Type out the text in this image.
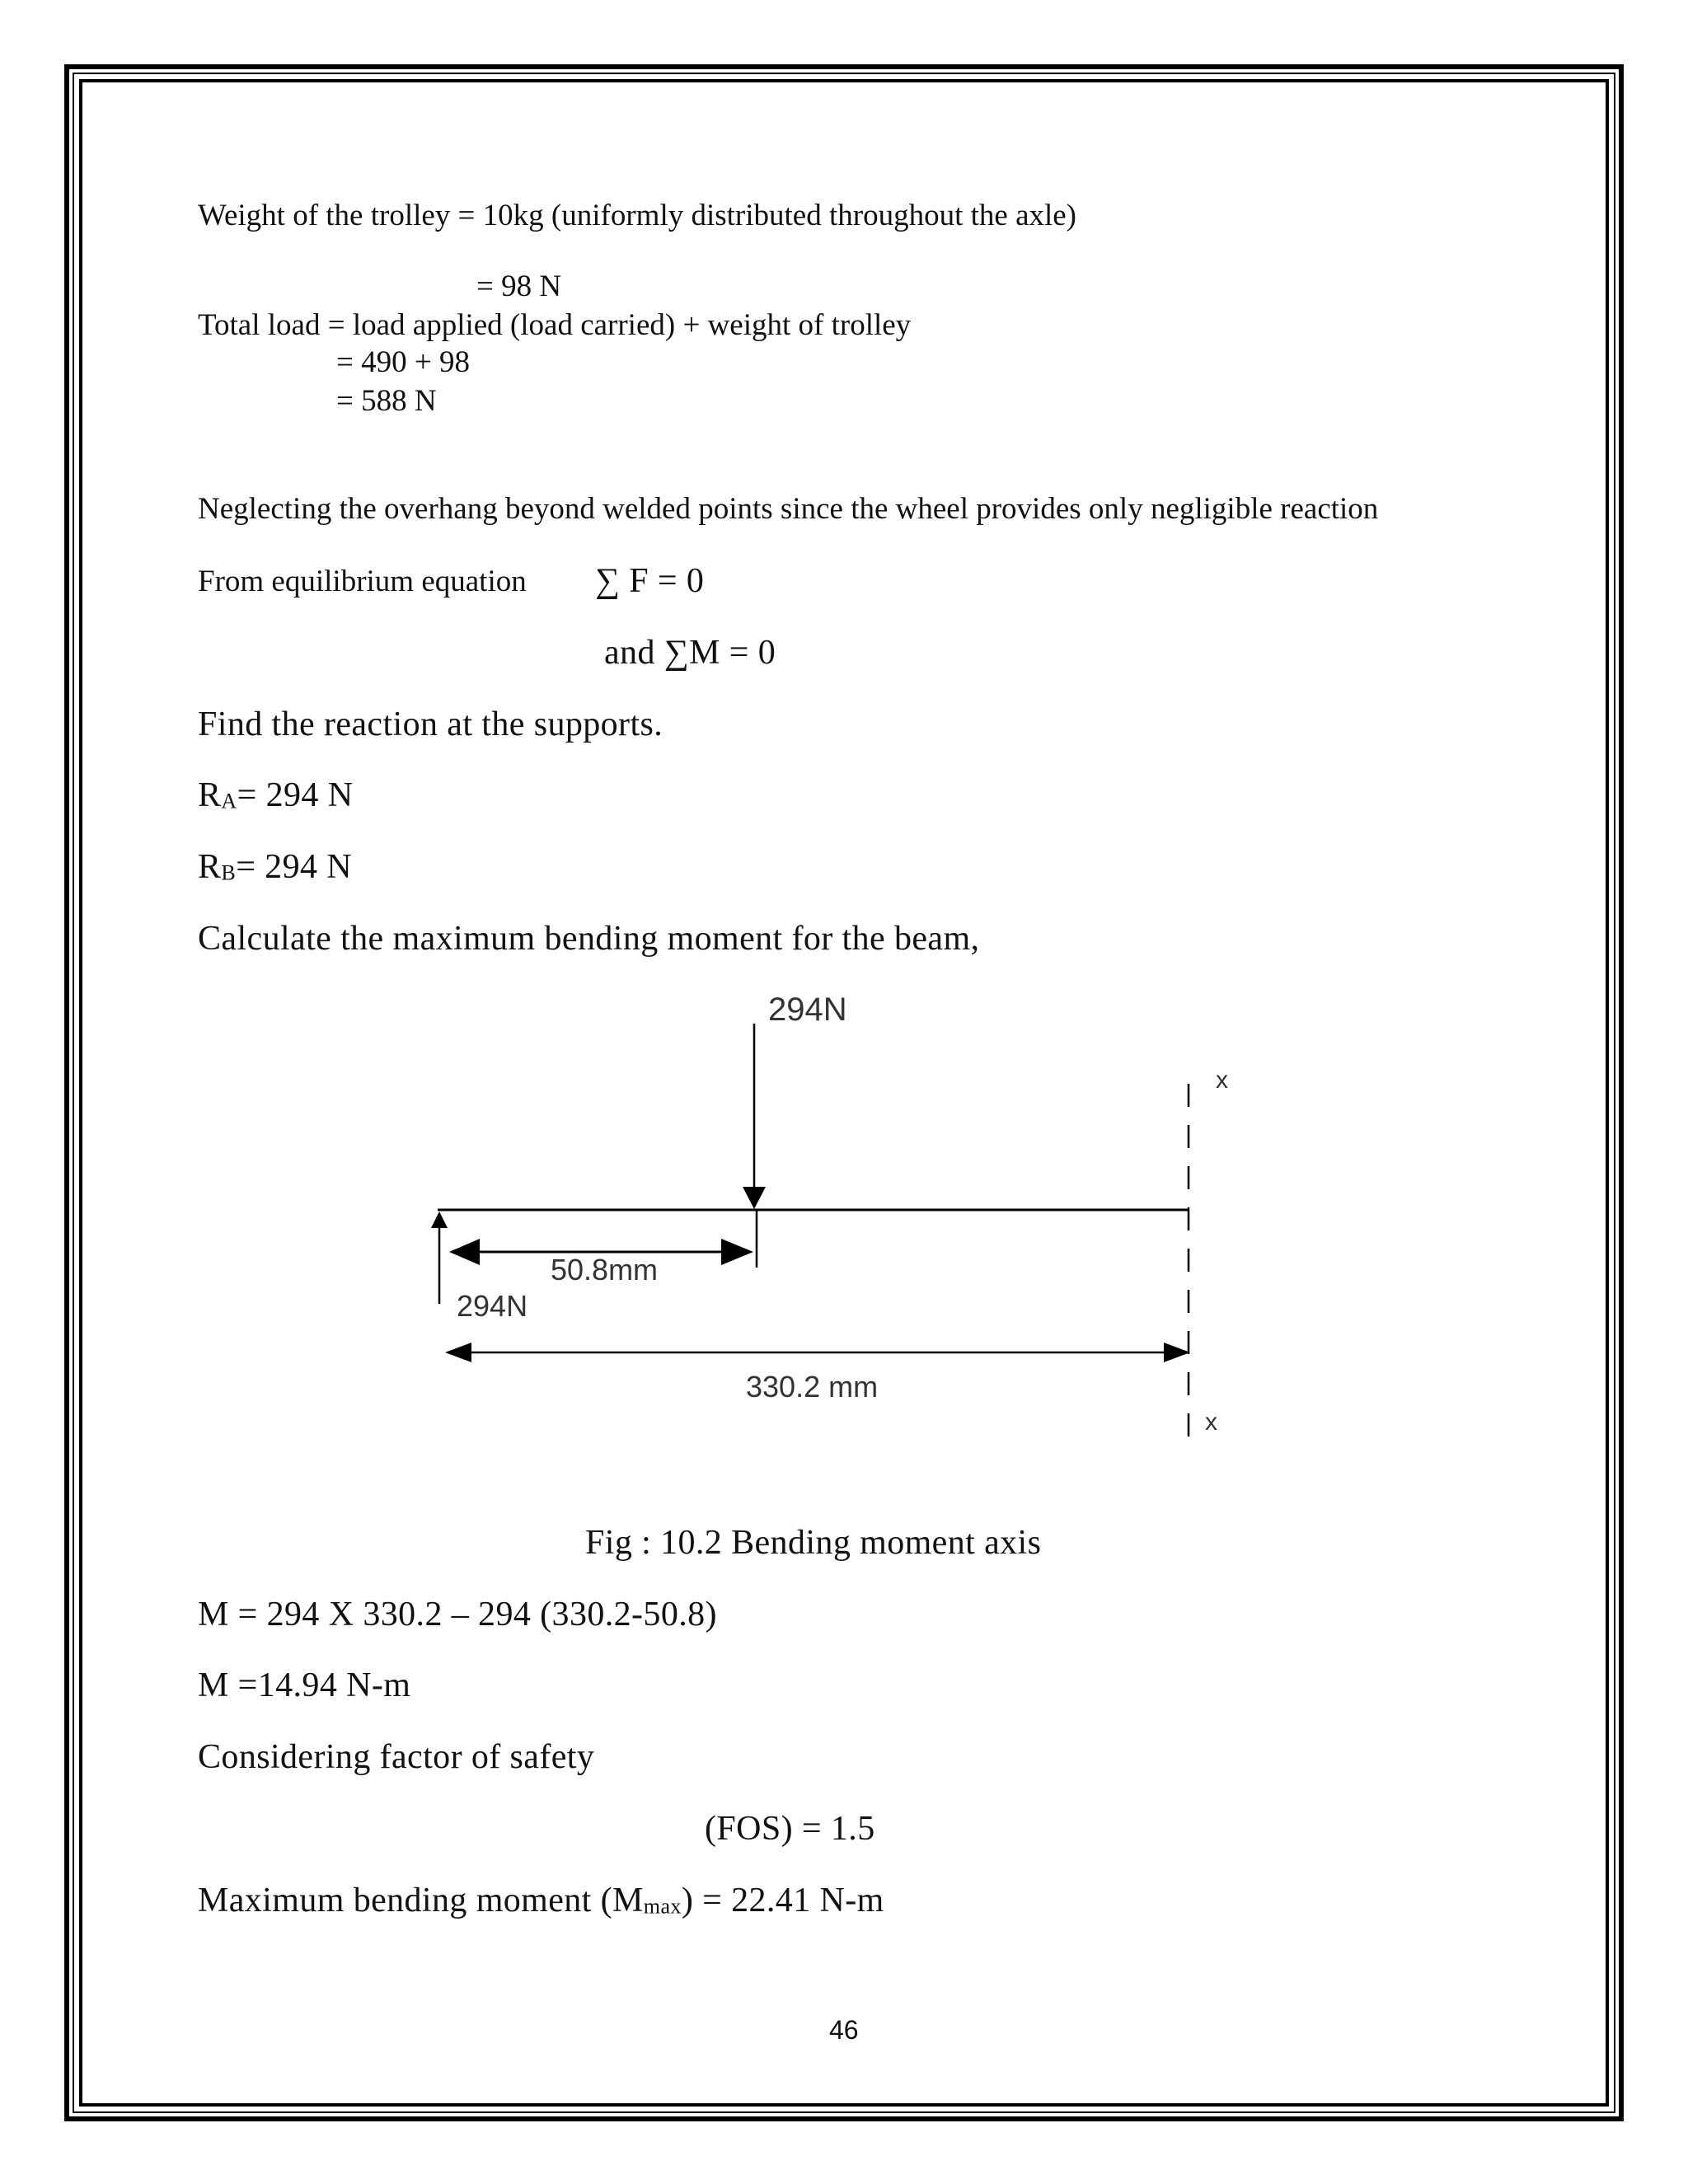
Weight of the trolley = 10kg (uniformly distributed throughout the axle)
= 98 N
Total load = load applied (load carried) + weight of trolley
= 490 + 98
= 588 N
Neglecting the overhang beyond welded points since the wheel provides only negligible reaction
From equilibrium equation ∑ F = 0
and ∑M = 0
Find the reaction at the supports.
$R_A= 294$ N
$R_B= 294$ N
Calculate the maximum bending moment for the beam,
294N
x
x
294N
50.8mm
330.2 mm
Fig : 10.2 Bending moment axis
M = 294 X 330.2 – 294 (330.2-50.8)
M =14.94 N-m
Considering factor of safety
(FOS) = 1.5
Maximum bending moment $(M_{max}) = 22.41$ N-m
46
